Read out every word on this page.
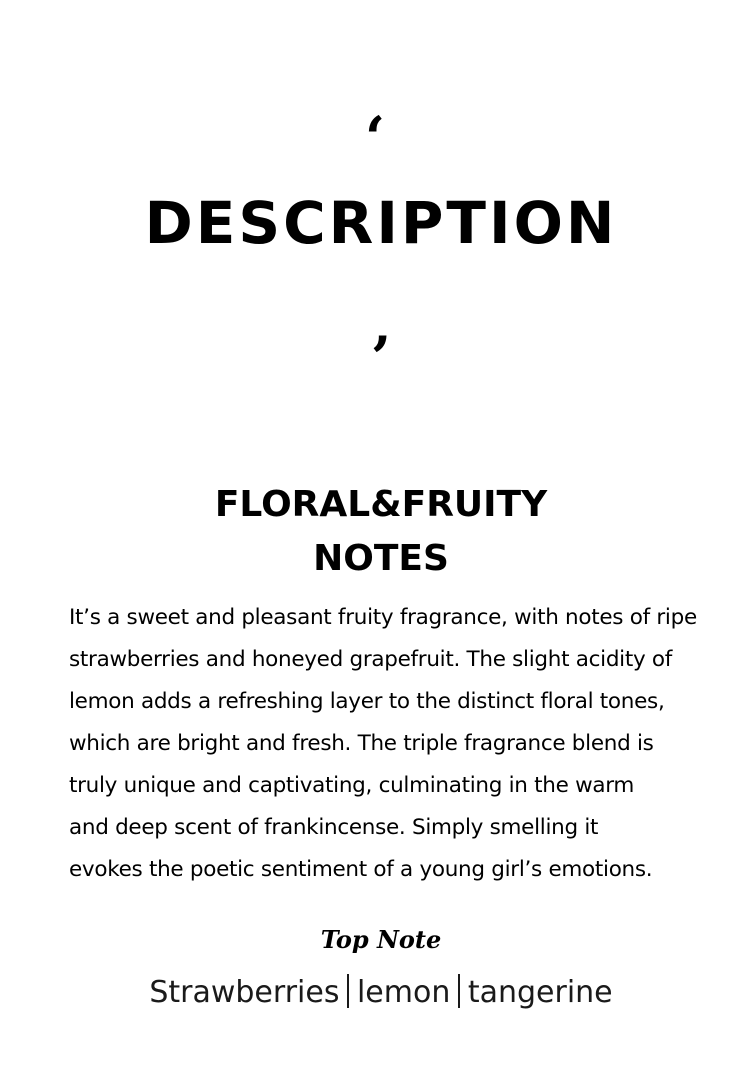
‘
DESCRIPTION
’
FLORAL&FRUITY
NOTES

It’s a sweet and pleasant fruity fragrance, with notes of ripe
strawberries and honeyed grapefruit. The slight acidity of
lemon adds a refreshing layer to the distinct floral tones,
which are bright and fresh. The triple fragrance blend is
truly unique and captivating, culminating in the warm
and deep scent of frankincense. Simply smelling it
evokes the poetic sentiment of a young girl’s emotions.

Top Note
Strawberries lemon tangerine
